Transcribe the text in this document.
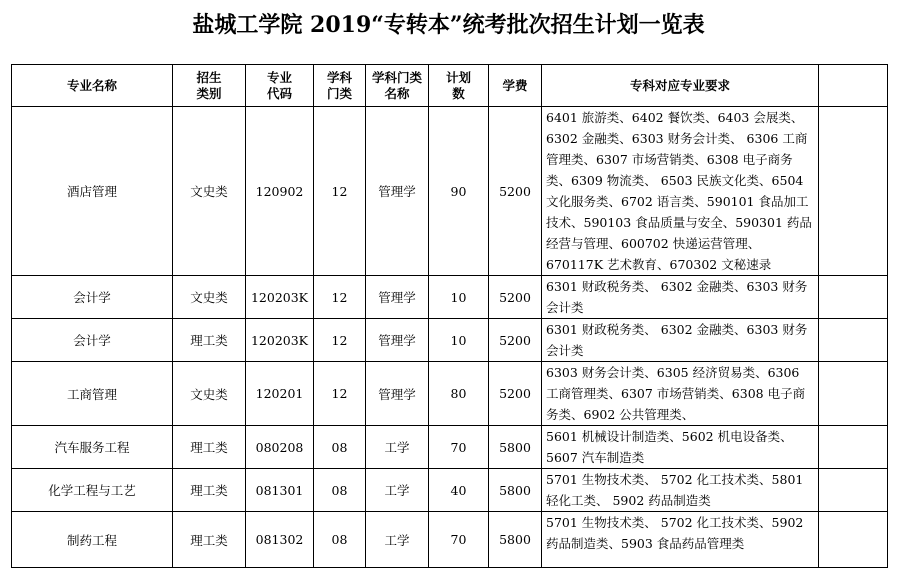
盐城工学院 2019“专转本”统考批次招生计划一览表
专业名称	招生类别	专业代码	学科门类	学科门类名称	计划数	学费	专科对应专业要求	
酒店管理	文史类	120902	12	管理学	90	5200	6401 旅游类、6402 餐饮类、6403 会展类、6302 金融类、6303 财务会计类、 6306 工商管理类、6307 市场营销类、6308 电子商务类、6309 物流类、 6503 民族文化类、6504 文化服务类、6702 语言类、590101 食品加工技术、590103 食品质量与安全、590301 药品经营与管理、600702 快递运营管理、670117K 艺术教育、670302 文秘速录	

会计学	文史类	120203K	12	管理学	10	5200	6301 财政税务类、 6302 金融类、6303 财务会计类	

会计学	理工类	120203K	12	管理学	10	5200	6301 财政税务类、 6302 金融类、6303 财务会计类	

工商管理	文史类	120201	12	管理学	80	5200	6303 财务会计类、6305 经济贸易类、6306 工商管理类、6307 市场营销类、6308 电子商务类、6902 公共管理类、	

汽车服务工程	理工类	080208	08	工学	70	5800	5601 机械设计制造类、5602 机电设备类、5607 汽车制造类	

化学工程与工艺	理工类	081301	08	工学	40	5800	5701 生物技术类、 5702 化工技术类、5801 轻化工类、 5902 药品制造类	

制药工程	理工类	081302	08	工学	70	5800	5701 生物技术类、 5702 化工技术类、5902 药品制造类、5903 食品药品管理类	
